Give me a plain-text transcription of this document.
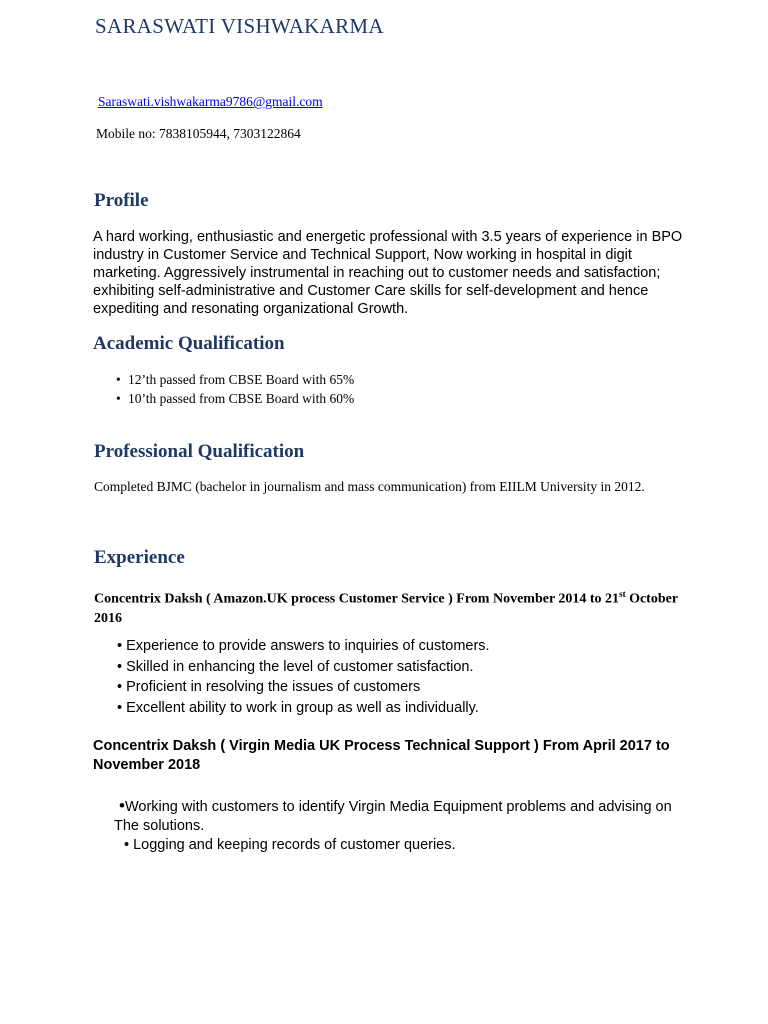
SARASWATI VISHWAKARMA
Saraswati.vishwakarma9786@gmail.com
Mobile no: 7838105944, 7303122864
Profile
A hard working, enthusiastic and energetic professional with 3.5 years of experience in BPO industry in Customer Service and Technical Support, Now working in hospital in digit marketing. Aggressively instrumental in reaching out to customer needs and satisfaction; exhibiting self-administrative and Customer Care skills for self-development and hence expediting and resonating organizational Growth.
Academic Qualification
• 12’th passed from CBSE Board with 65%
• 10’th passed from CBSE Board with 60%
Professional Qualification
Completed BJMC (bachelor in journalism and mass communication) from EIILM University in 2012.
Experience
Concentrix Daksh ( Amazon.UK process Customer Service ) From November 2014 to 21st October 2016
• Experience to provide answers to inquiries of customers.
• Skilled in enhancing the level of customer satisfaction.
• Proficient in resolving the issues of customers
• Excellent ability to work in group as well as individually.
Concentrix Daksh ( Virgin Media UK Process Technical Support ) From April 2017 to November 2018
•Working with customers to identify Virgin Media Equipment problems and advising on
The solutions.
• Logging and keeping records of customer queries.
